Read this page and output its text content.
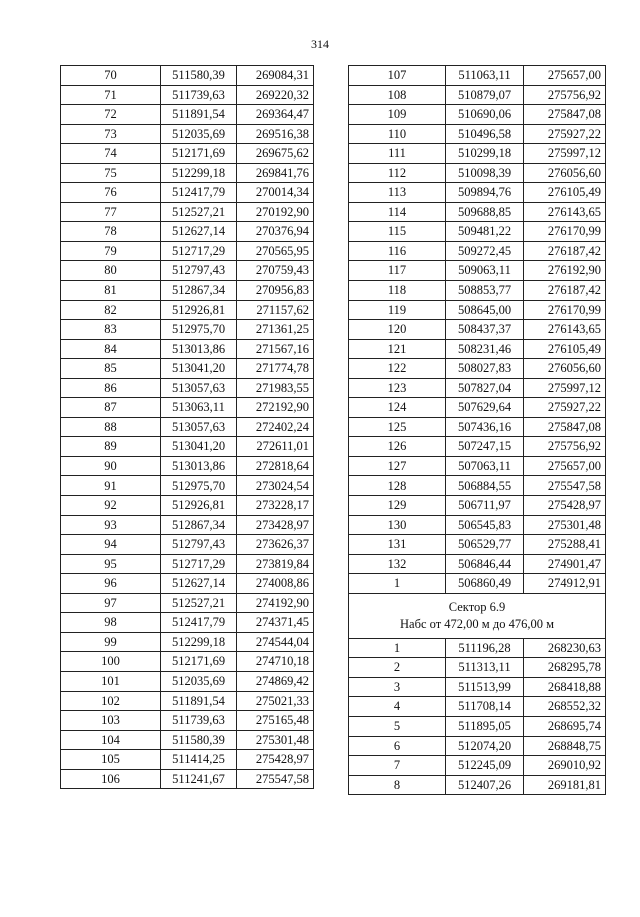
314
70	511580,39	269084,31
71	511739,63	269220,32
72	511891,54	269364,47
73	512035,69	269516,38
74	512171,69	269675,62
75	512299,18	269841,76
76	512417,79	270014,34
77	512527,21	270192,90
78	512627,14	270376,94
79	512717,29	270565,95
80	512797,43	270759,43
81	512867,34	270956,83
82	512926,81	271157,62
83	512975,70	271361,25
84	513013,86	271567,16
85	513041,20	271774,78
86	513057,63	271983,55
87	513063,11	272192,90
88	513057,63	272402,24
89	513041,20	272611,01
90	513013,86	272818,64
91	512975,70	273024,54
92	512926,81	273228,17
93	512867,34	273428,97
94	512797,43	273626,37
95	512717,29	273819,84
96	512627,14	274008,86
97	512527,21	274192,90
98	512417,79	274371,45
99	512299,18	274544,04
100	512171,69	274710,18
101	512035,69	274869,42
102	511891,54	275021,33
103	511739,63	275165,48
104	511580,39	275301,48
105	511414,25	275428,97
106	511241,67	275547,58
107	511063,11	275657,00
108	510879,07	275756,92
109	510690,06	275847,08
110	510496,58	275927,22
111	510299,18	275997,12
112	510098,39	276056,60
113	509894,76	276105,49
114	509688,85	276143,65
115	509481,22	276170,99
116	509272,45	276187,42
117	509063,11	276192,90
118	508853,77	276187,42
119	508645,00	276170,99
120	508437,37	276143,65
121	508231,46	276105,49
122	508027,83	276056,60
123	507827,04	275997,12
124	507629,64	275927,22
125	507436,16	275847,08
126	507247,15	275756,92
127	507063,11	275657,00
128	506884,55	275547,58
129	506711,97	275428,97
130	506545,83	275301,48
131	506529,77	275288,41
132	506846,44	274901,47
1	506860,49	274912,91

Сектор 6.9
Набс от 472,00 м до 476,00 м		

1	511196,28	268230,63
2	511313,11	268295,78
3	511513,99	268418,88
4	511708,14	268552,32
5	511895,05	268695,74
6	512074,20	268848,75
7	512245,09	269010,92
8	512407,26	269181,81
